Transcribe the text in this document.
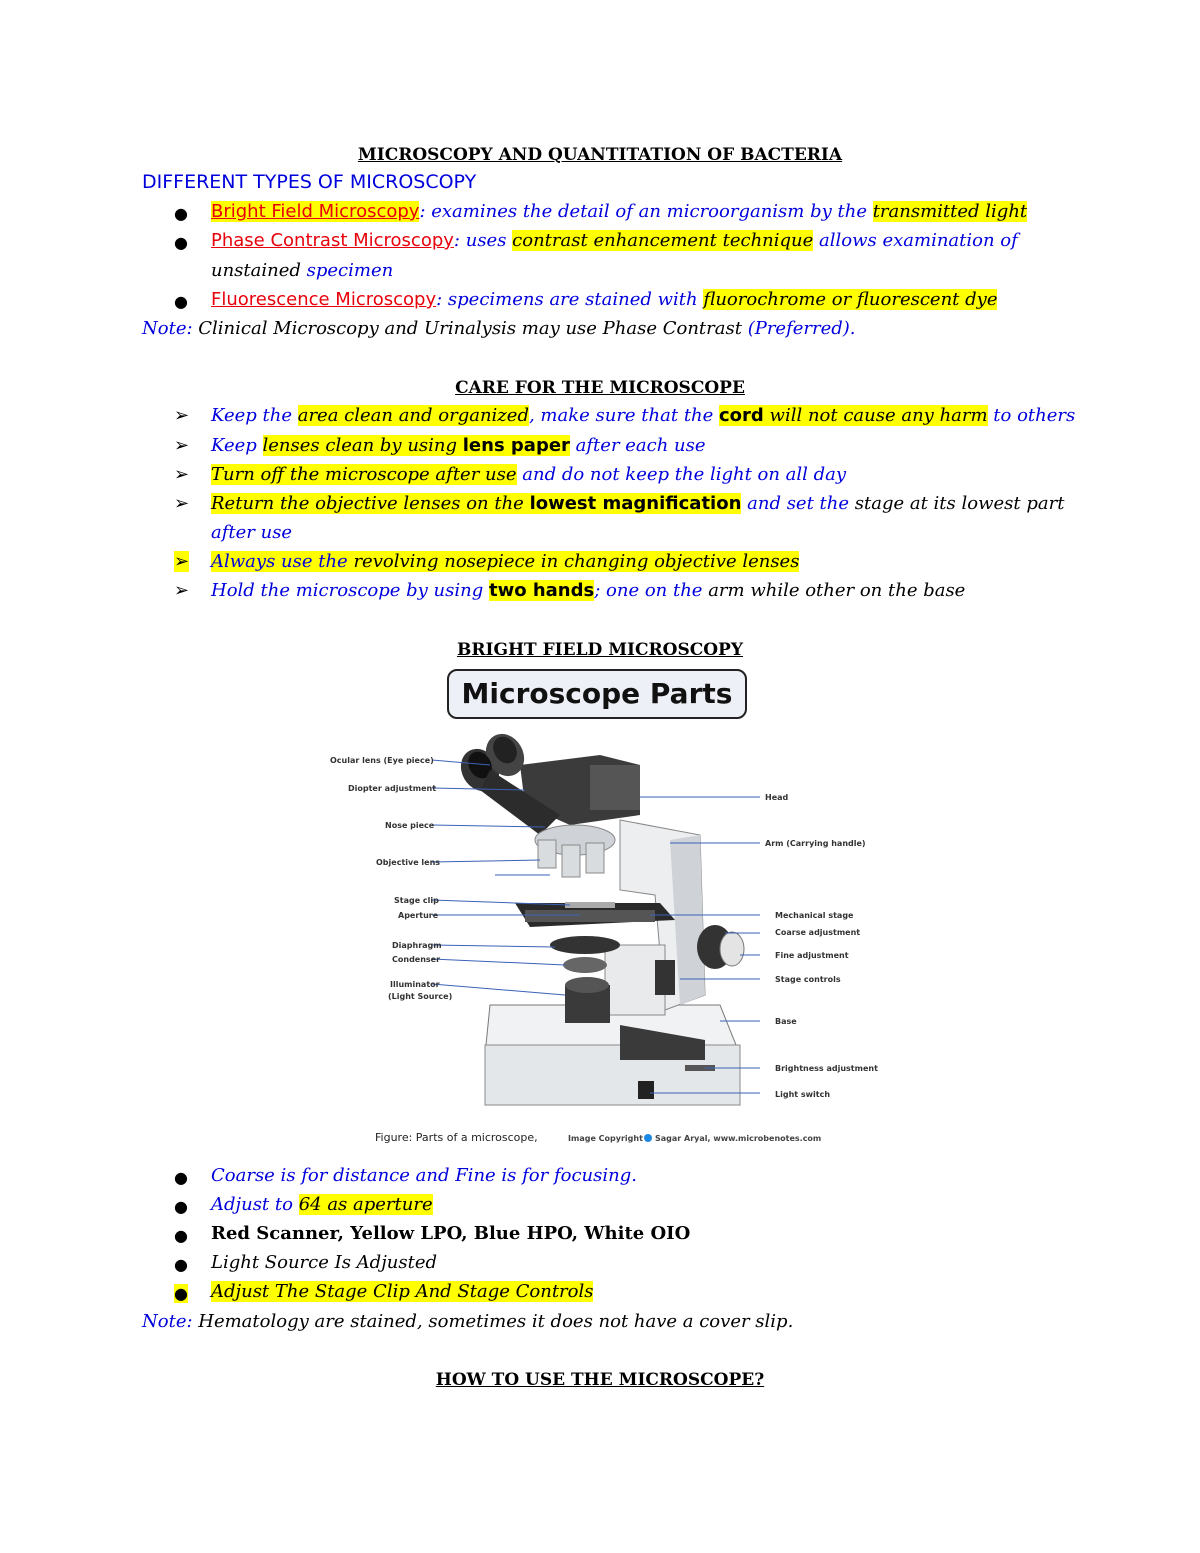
MICROSCOPY AND QUANTITATION OF BACTERIA
DIFFERENT TYPES OF MICROSCOPY
● Bright Field Microscopy: examines the detail of an microorganism by the transmitted light
● Phase Contrast Microscopy: uses contrast enhancement technique allows examination of
unstained specimen
● Fluorescence Microscopy: specimens are stained with fluorochrome or fluorescent dye
Note: Clinical Microscopy and Urinalysis may use Phase Contrast (Preferred).
CARE FOR THE MICROSCOPE
➢ Keep the area clean and organized, make sure that the cord will not cause any harm to others
➢ Keep lenses clean by using lens paper after each use
➢ Turn off the microscope after use and do not keep the light on all day
➢ Return the objective lenses on the lowest magnification and set the stage at its lowest part
after use
➢ Always use the revolving nosepiece in changing objective lenses
➢ Hold the microscope by using two hands; one on the arm while other on the base
BRIGHT FIELD MICROSCOPY
Microscope Parts
Ocular lens (Eye piece)
Diopter adjustment
Nose piece
Objective lens
Stage clip
Aperture
Diaphragm
Condenser
Illuminator
(Light Source)
Head
Arm (Carrying handle)
Mechanical stage
Coarse adjustment
Fine adjustment
Stage controls
Base
Brightness adjustment
Light switch
Figure: Parts of a microscope,	Image Copyright Sagar Aryal, www.microbenotes.com
● Coarse is for distance and Fine is for focusing.
● Adjust to 64 as aperture
● Red Scanner, Yellow LPO, Blue HPO, White OIO
● Light Source Is Adjusted
● Adjust The Stage Clip And Stage Controls
Note: Hematology are stained, sometimes it does not have a cover slip.
HOW TO USE THE MICROSCOPE?
